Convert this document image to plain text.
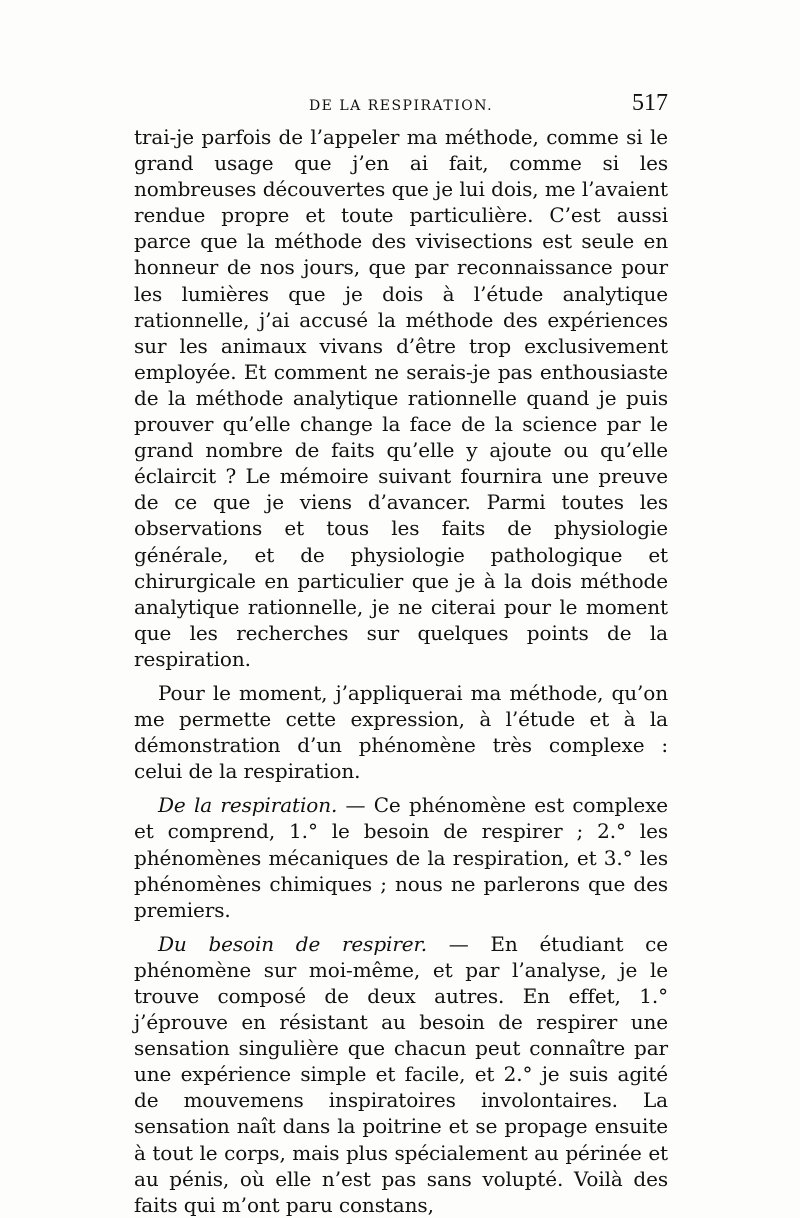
DE LA RESPIRATION.	517

trai-je parfois de l’appeler ma méthode, comme si le grand usage que j’en ai fait, comme si les nombreuses découvertes que je lui dois, me l’avaient rendue propre et toute particulière. C’est aussi parce que la méthode des vivisections est seule en honneur de nos jours, que par reconnaissance pour les lumières que je dois à l’étude analytique rationnelle, j’ai accusé la méthode des expériences sur les animaux vivans d’être trop exclusivement employée. Et comment ne serais-je pas enthousiaste de la méthode analytique rationnelle quand je puis prouver qu’elle change la face de la science par le grand nombre de faits qu’elle y ajoute ou qu’elle éclaircit ? Le mémoire suivant fournira une preuve de ce que je viens d’avancer. Parmi toutes les observations et tous les faits de physiologie générale, et de physiologie pathologique et chirurgicale en particulier que je à la dois méthode analytique rationnelle, je ne citerai pour le moment que les recherches sur quelques points de la respiration.

Pour le moment, j’appliquerai ma méthode, qu’on me permette cette expression, à l’étude et à la démonstration d’un phénomène très complexe : celui de la respiration.

De la respiration. — Ce phénomène est complexe et comprend, 1.° le besoin de respirer ; 2.° les phénomènes mécaniques de la respiration, et 3.° les phénomènes chimiques ; nous ne parlerons que des premiers.

Du besoin de respirer. — En étudiant ce phénomène sur moi-même, et par l’analyse, je le trouve composé de deux autres. En effet, 1.° j’éprouve en résistant au besoin de respirer une sensation singulière que chacun peut connaître par une expérience simple et facile, et 2.° je suis agité de mouvemens inspiratoires involontaires. La sensation naît dans la poitrine et se propage ensuite à tout le corps, mais plus spécialement au périnée et au pénis, où elle n’est pas sans volupté. Voilà des faits qui m’ont paru constans,
